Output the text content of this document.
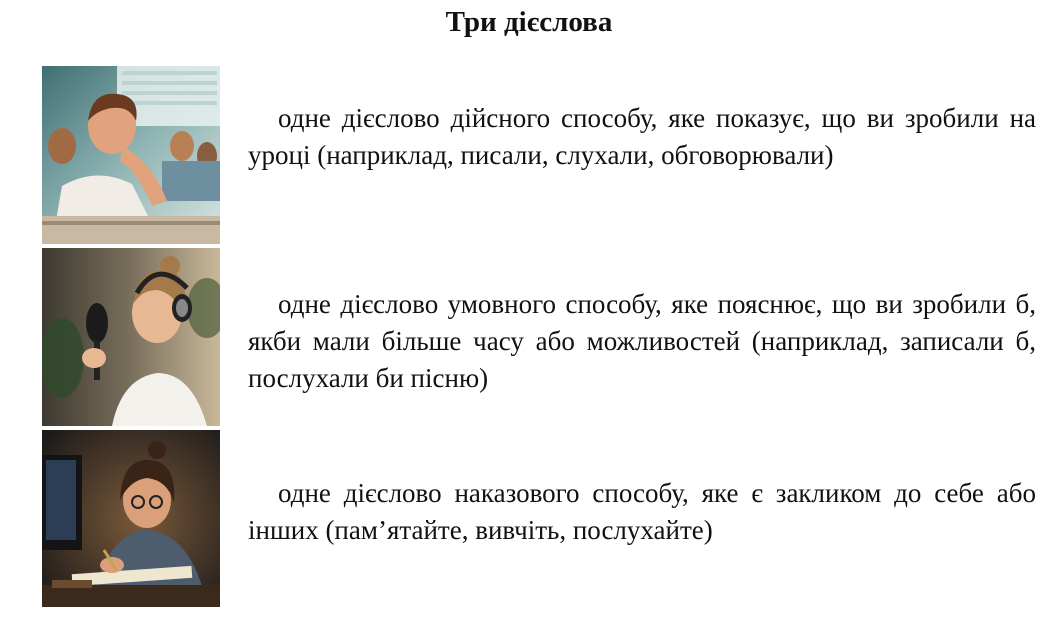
Три дієслова
одне дієслово дійсного способу, яке показує, що ви зробили на уроці (наприклад, писали, слухали, обговорювали)
одне дієслово умовного способу, яке пояснює, що ви зробили б, якби мали більше часу або можливостей (наприклад, записали б, послухали би пісню)
одне дієслово наказового способу, яке є закликом до себе або інших (пам’ятайте, вивчіть, послухайте)
